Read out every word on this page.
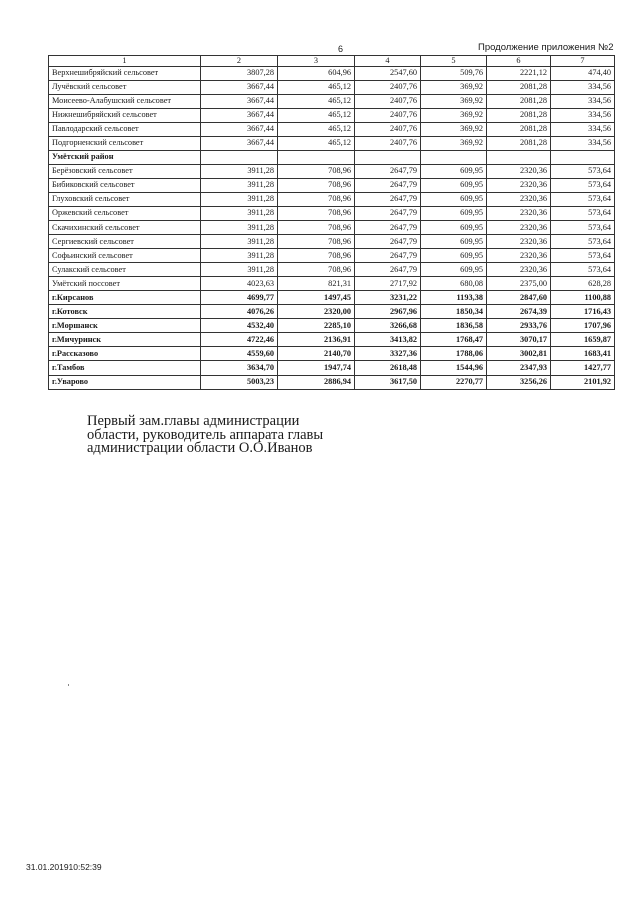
6	Продолжение приложения №2
1	2	3	4	5	6	7
Верхнешибряйский сельсовет	3807,28	604,96	2547,60	509,76	2221,12	474,40
Лучёвский сельсовет	3667,44	465,12	2407,76	369,92	2081,28	334,56
Моисеево-Алабушский сельсовет	3667,44	465,12	2407,76	369,92	2081,28	334,56
Нижнешибряйский сельсовет	3667,44	465,12	2407,76	369,92	2081,28	334,56
Павлодарский сельсовет	3667,44	465,12	2407,76	369,92	2081,28	334,56
Подгорненский сельсовет	3667,44	465,12	2407,76	369,92	2081,28	334,56
Умётский район						
Берёзовский сельсовет	3911,28	708,96	2647,79	609,95	2320,36	573,64
Бибиковский сельсовет	3911,28	708,96	2647,79	609,95	2320,36	573,64
Глуховский сельсовет	3911,28	708,96	2647,79	609,95	2320,36	573,64
Оржевский сельсовет	3911,28	708,96	2647,79	609,95	2320,36	573,64
Скачихинский сельсовет	3911,28	708,96	2647,79	609,95	2320,36	573,64
Сергиевский сельсовет	3911,28	708,96	2647,79	609,95	2320,36	573,64
Софьинский сельсовет	3911,28	708,96	2647,79	609,95	2320,36	573,64
Сулакский сельсовет	3911,28	708,96	2647,79	609,95	2320,36	573,64
Умётский поссовет	4023,63	821,31	2717,92	680,08	2375,00	628,28
г.Кирсанов	4699,77	1497,45	3231,22	1193,38	2847,60	1100,88
г.Котовск	4076,26	2320,00	2967,96	1850,34	2674,39	1716,43
г.Моршанск	4532,40	2285,10	3266,68	1836,58	2933,76	1707,96
г.Мичуринск	4722,46	2136,91	3413,82	1768,47	3070,17	1659,87
г.Рассказово	4559,60	2140,70	3327,36	1788,06	3002,81	1683,41
г.Тамбов	3634,70	1947,74	2618,48	1544,96	2347,93	1427,77
г.Уварово	5003,23	2886,94	3617,50	2270,77	3256,26	2101,92
Первый зам.главы администрации
области, руководитель аппарата главы
администрации области О.О.Иванов
31.01.201910:52:39
